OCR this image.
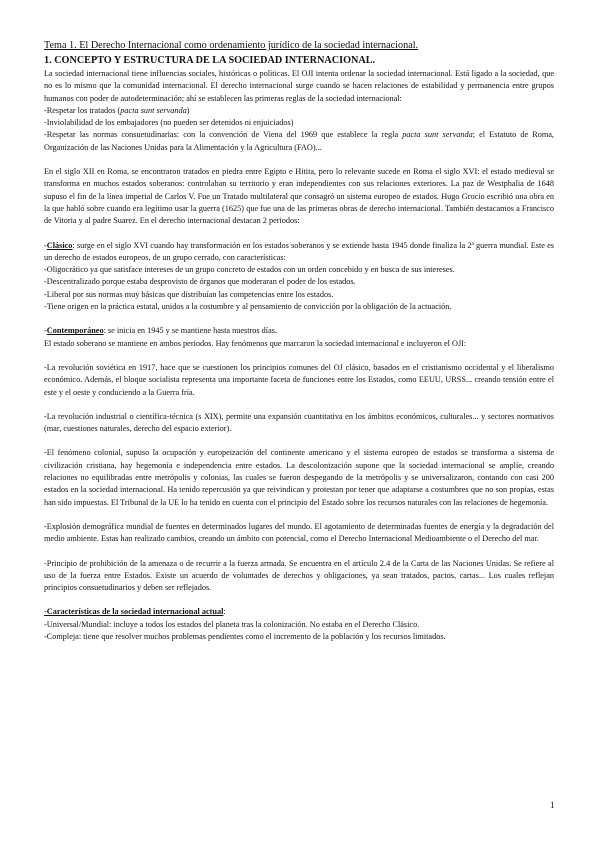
Tema 1. El Derecho Internacional como ordenamiento jurídico de la sociedad internacional.
1. CONCEPTO Y ESTRUCTURA DE LA SOCIEDAD INTERNACIONAL.

La sociedad internacional tiene influencias sociales, históricas o políticas. El OJI intenta ordenar la sociedad internacional. Está ligado a la sociedad, que no es lo mismo que la comunidad internacional. El derecho internacional surge cuando se hacen relaciones de estabilidad y permanencia entre grupos humanos con poder de autodeterminación; ahí se establecen las primeras reglas de la sociedad internacional:

-Respetar los tratados (pacta sunt servanda)

-Inviolabilidad de los embajadores (no pueden ser detenidos ni enjuiciados)

-Respetar las normas consuetudinarias: con la convención de Viena del 1969 que establece la regla pacta sunt servanda; el Estatuto de Roma, Organización de las Naciones Unidas para la Alimentación y la Agricultura (FAO)...

En el siglo XII en Roma, se encontraron tratados en piedra entre Egipto e Hitita, pero lo relevante sucede en Roma el siglo XVI: el estado medieval se transforma en muchos estados soberanos: controlaban su territorio y eran independientes con sus relaciones exteriores. La paz de Westphalia de 1648 supuso el fin de la línea imperial de Carlos V. Fue un Tratado multilateral que consagró un sistema europeo de estados. Hugo Grocio escribió una obra en la que habló sobre cuando era legítimo usar la guerra (1625) que fue una de las primeras obras de derecho internacional. También destacamos a Francisco de Vitoria y al padre Suarez. En el derecho internacional destacan 2 periodos:

-Clásico: surge en el siglo XVI cuando hay transformación en los estados soberanos y se extiende hasta 1945 donde finaliza la 2ª guerra mundial. Este es un derecho de estados europeos, de un grupo cerrado, con características:

-Oligocrático ya que satisface intereses de un grupo concreto de estados con un orden concebido y en busca de sus intereses.

-Descentralizado porque estaba desprovisto de órganos que moderaran el poder de los estados.

-Liberal por sus normas muy básicas que distribuían las competencias entre los estados.

-Tiene origen en la práctica estatal, unidos a la costumbre y al pensamiento de convicción por la obligación de la actuación.

-Contemporáneo: se inicia en 1945 y se mantiene hasta nuestros días.

El estado soberano se mantiene en ambos periodos. Hay fenómenos que marcaron la sociedad internacional e incluyeron el OJI:

-La revolución soviética en 1917, hace que se cuestionen los principios comunes del OJ clásico, basados en el cristianismo occidental y el liberalismo económico. Además, el bloque socialista representa una importante faceta de funciones entre los Estados, como EEUU, URSS... creando tensión entre el este y el oeste y conduciendo a la Guerra fría.

-La revolución industrial o científica-técnica (s XIX), permite una expansión cuantitativa en los ámbitos económicos, culturales... y sectores normativos (mar, cuestiones naturales, derecho del espacio exterior).

-El fenómeno colonial, supuso la ocupación y europeización del continente americano y el sistema europeo de estados se transforma a sistema de civilización cristiana, hay hegemonía e independencia entre estados. La descolonización supone que la sociedad internacional se amplíe, creando relaciones no equilibradas entre metrópolis y colonias, las cuales se fueron despegando de la metrópolis y se universalizaron, contando con casi 200 estados en la sociedad internacional. Ha tenido repercusión ya que reivindican y protestan por tener que adaptarse a costumbres que no son propias, estas han sido impuestas. El Tribunal de la UE lo ha tenido en cuenta con el principio del Estado sobre los recursos naturales con las relaciones de hegemonía.

-Explosión demográfica mundial de fuentes en determinados lugares del mundo. El agotamiento de determinadas fuentes de energía y la degradación del medio ambiente. Estas han realizado cambios, creando un ámbito con potencial, como el Derecho Internacional Medioambiente o el Derecho del mar.

-Principio de prohibición de la amenaza o de recurrir a la fuerza armada. Se encuentra en el artículo 2.4 de la Carta de las Naciones Unidas. Se refiere al uso de la fuerza entre Estados. Existe un acuerdo de voluntades de derechos y obligaciones, ya sean tratados, pactos, cartas... Los cuales reflejan principios consuetudinarios y deben ser reflejados.

-Características de la sociedad internacional actual:

-Universal/Mundial: incluye a todos los estados del planeta tras la colonización. No estaba en el Derecho Clásico.

-Compleja: tiene que resolver muchos problemas pendientes como el incremento de la población y los recursos limitados.

1
